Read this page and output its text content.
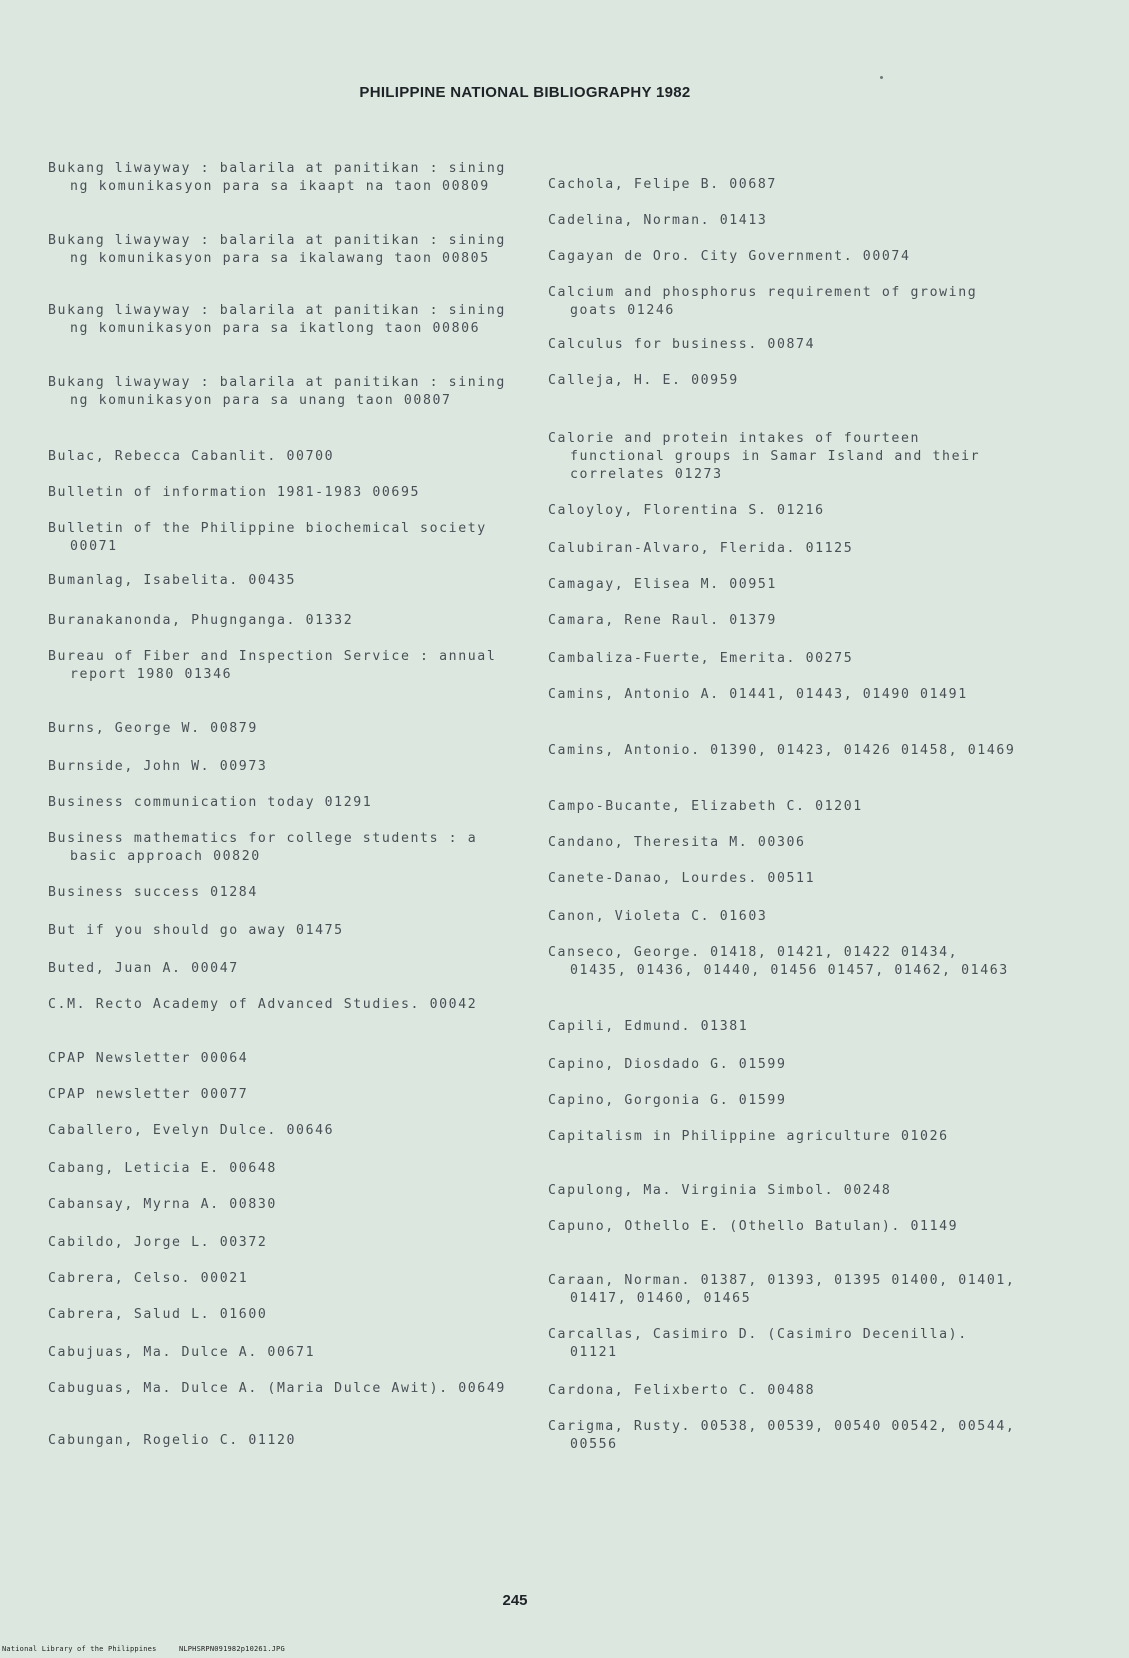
PHILIPPINE NATIONAL BIBLIOGRAPHY 1982
Bukang liwayway : balarila at panitikan : sining ng komunikasyon para sa ikaapt na taon 00809
Bukang liwayway : balarila at panitikan : sining ng komunikasyon para sa ikalawang taon 00805
Bukang liwayway : balarila at panitikan : sining ng komunikasyon para sa ikatlong taon 00806
Bukang liwayway : balarila at panitikan : sining ng komunikasyon para sa unang taon 00807
Bulac, Rebecca Cabanlit. 00700
Bulletin of information 1981-1983 00695
Bulletin of the Philippine biochemical society 00071
Bumanlag, Isabelita. 00435
Buranakanonda, Phugnganga. 01332
Bureau of Fiber and Inspection Service : annual report 1980 01346
Burns, George W. 00879
Burnside, John W. 00973
Business communication today 01291
Business mathematics for college students : a basic approach 00820
Business success 01284
But if you should go away 01475
Buted, Juan A. 00047
C.M. Recto Academy of Advanced Studies. 00042
CPAP Newsletter 00064
CPAP newsletter 00077
Caballero, Evelyn Dulce. 00646
Cabang, Leticia E. 00648
Cabansay, Myrna A. 00830
Cabildo, Jorge L. 00372
Cabrera, Celso. 00021
Cabrera, Salud L. 01600
Cabujuas, Ma. Dulce A. 00671
Cabuguas, Ma. Dulce A. (Maria Dulce Awit). 00649
Cabungan, Rogelio C. 01120
Cachola, Felipe B. 00687
Cadelina, Norman. 01413
Cagayan de Oro. City Government. 00074
Calcium and phosphorus requirement of growing goats 01246
Calculus for business. 00874
Calleja, H. E. 00959
Calorie and protein intakes of fourteen functional groups in Samar Island and their correlates 01273
Caloyloy, Florentina S. 01216
Calubiran-Alvaro, Flerida. 01125
Camagay, Elisea M. 00951
Camara, Rene Raul. 01379
Cambaliza-Fuerte, Emerita. 00275
Camins, Antonio A. 01441, 01443, 01490 01491
Camins, Antonio. 01390, 01423, 01426 01458, 01469
Campo-Bucante, Elizabeth C. 01201
Candano, Theresita M. 00306
Canete-Danao, Lourdes. 00511
Canon, Violeta C. 01603
Canseco, George. 01418, 01421, 01422 01434, 01435, 01436, 01440, 01456 01457, 01462, 01463
Capili, Edmund. 01381
Capino, Diosdado G. 01599
Capino, Gorgonia G. 01599
Capitalism in Philippine agriculture 01026
Capulong, Ma. Virginia Simbol. 00248
Capuno, Othello E. (Othello Batulan). 01149
Caraan, Norman. 01387, 01393, 01395 01400, 01401, 01417, 01460, 01465
Carcallas, Casimiro D. (Casimiro Decenilla). 01121
Cardona, Felixberto C. 00488
Carigma, Rusty. 00538, 00539, 00540 00542, 00544, 00556
245
National Library of the Philippines	NLPHSRPN091982p10261.JPG
